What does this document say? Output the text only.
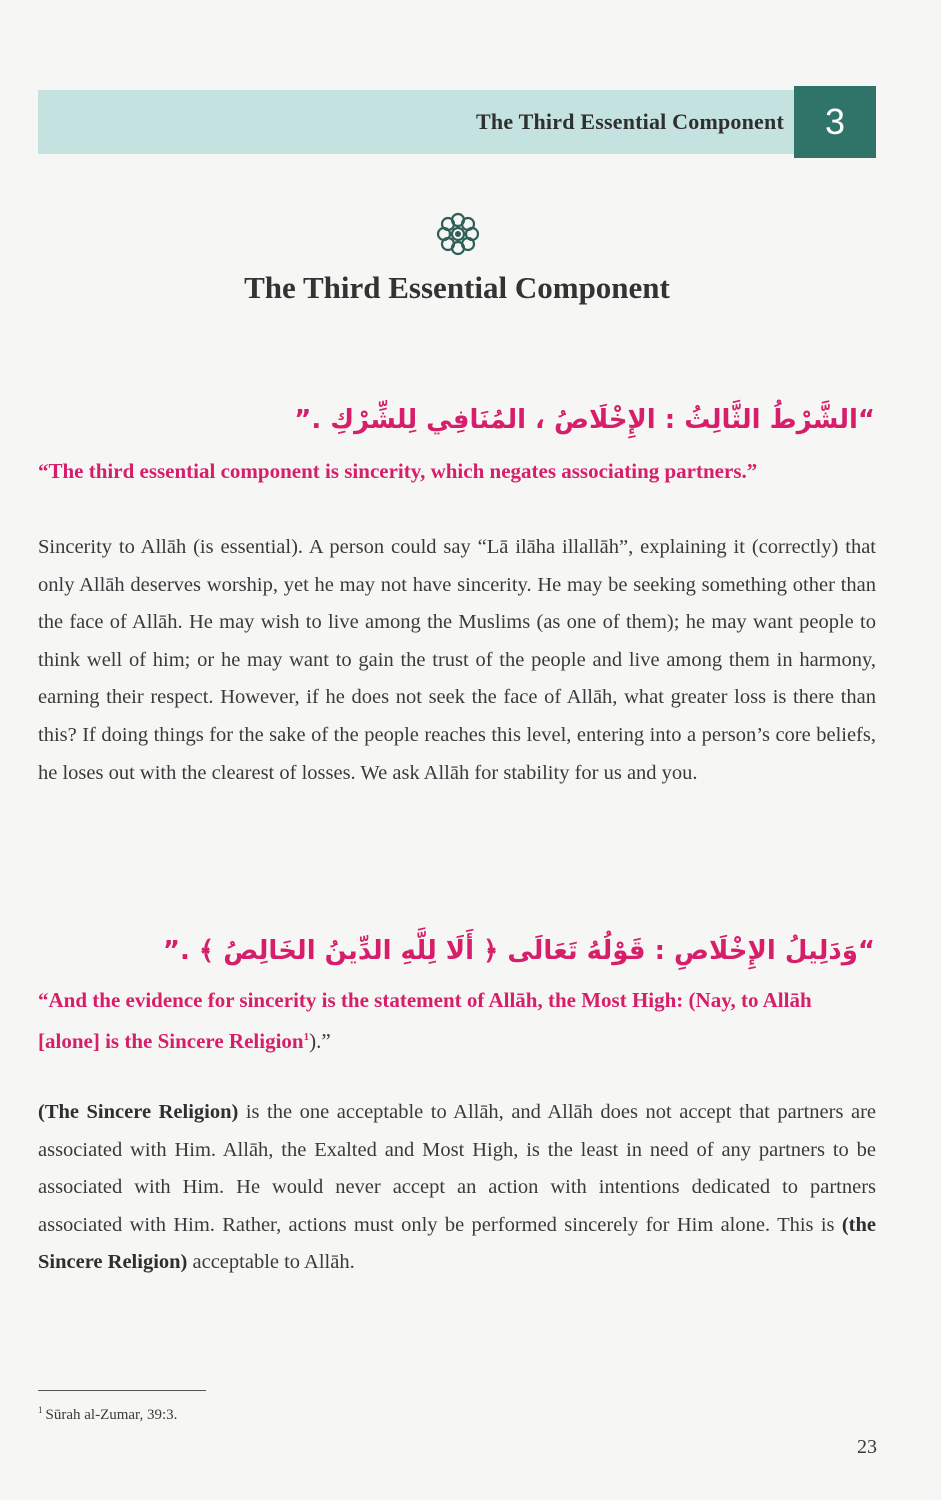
The Third Essential Component	3
The Third Essential Component
“الشَّرْطُ الثَّالِثُ : الإِخْلَاصُ ، المُنَافِي لِلشِّرْكِ .”
“The third essential component is sincerity, which negates associating partners.”

Sincerity to Allāh (is essential). A person could say “Lā ilāha illallāh”, explaining it (correctly) that only Allāh deserves worship, yet he may not have sincerity. He may be seeking something other than the face of Allāh. He may wish to live among the Muslims (as one of them); he may want people to think well of him; or he may want to gain the trust of the people and live among them in harmony, earning their respect. However, if he does not seek the face of Allāh, what greater loss is there than this? If doing things for the sake of the people reaches this level, entering into a person’s core beliefs, he loses out with the clearest of losses. We ask Allāh for stability for us and you.

“وَدَلِيلُ الإِخْلَاصِ : قَوْلُهُ تَعَالَى ﴿ أَلَا لِلَّهِ الدِّينُ الخَالِصُ ﴾ .”
“And the evidence for sincerity is the statement of Allāh, the Most High: (Nay, to Allāh [alone] is the Sincere Religion$^1$).”

(The Sincere Religion) is the one acceptable to Allāh, and Allāh does not accept that partners are associated with Him. Allāh, the Exalted and Most High, is the least in need of any partners to be associated with Him. He would never accept an action with intentions dedicated to partners associated with Him. Rather, actions must only be performed sincerely for Him alone. This is (the Sincere Religion) acceptable to Allāh.

$^1$ Sūrah al-Zumar, 39:3.
23
